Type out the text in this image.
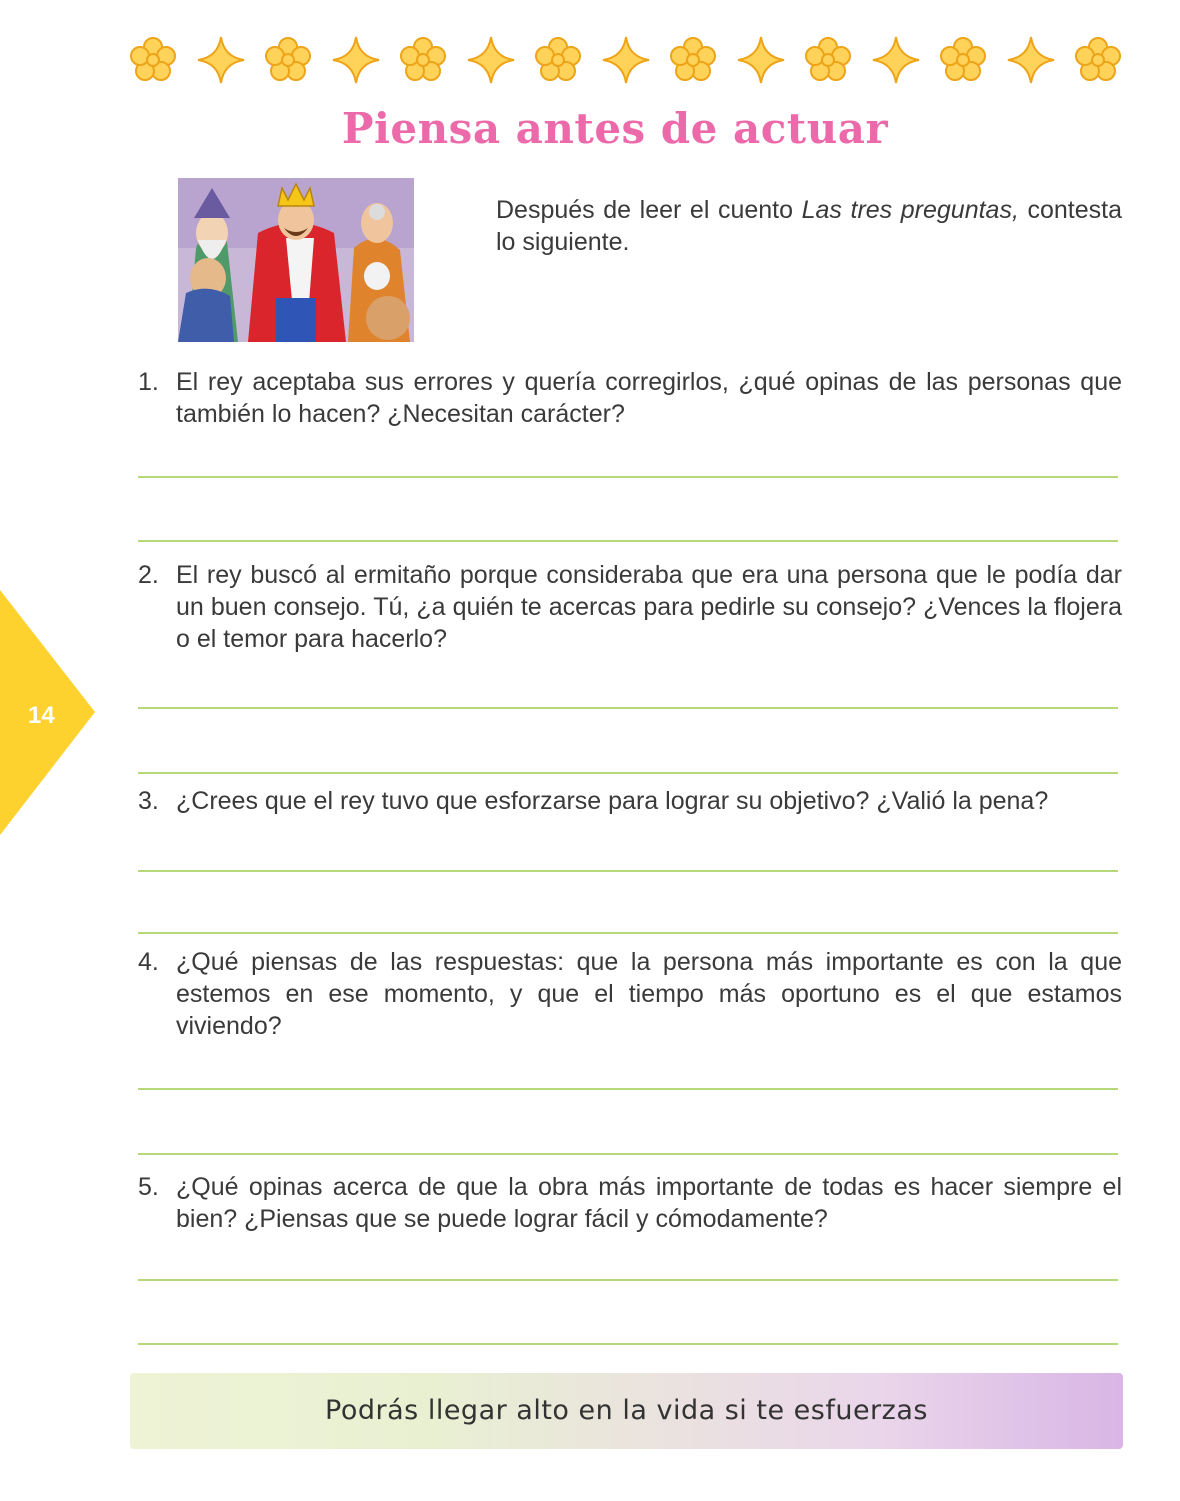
Piensa antes de actuar
Después de leer el cuento Las tres preguntas, contesta lo siguiente.
1. El rey aceptaba sus errores y quería corregirlos, ¿qué opinas de las personas que también lo hacen? ¿Necesitan carácter?
2. El rey buscó al ermitaño porque consideraba que era una persona que le podía dar un buen consejo. Tú, ¿a quién te acercas para pedirle su consejo? ¿Vences la flojera o el temor para hacerlo?
3. ¿Crees que el rey tuvo que esforzarse para lograr su objetivo? ¿Valió la pena?
4. ¿Qué piensas de las respuestas: que la persona más importante es con la que estemos en ese momento, y que el tiempo más oportuno es el que estamos viviendo?
5. ¿Qué opinas acerca de que la obra más importante de todas es hacer siempre el bien? ¿Piensas que se puede lograr fácil y cómodamente?
14
Podrás llegar alto en la vida si te esfuerzas
